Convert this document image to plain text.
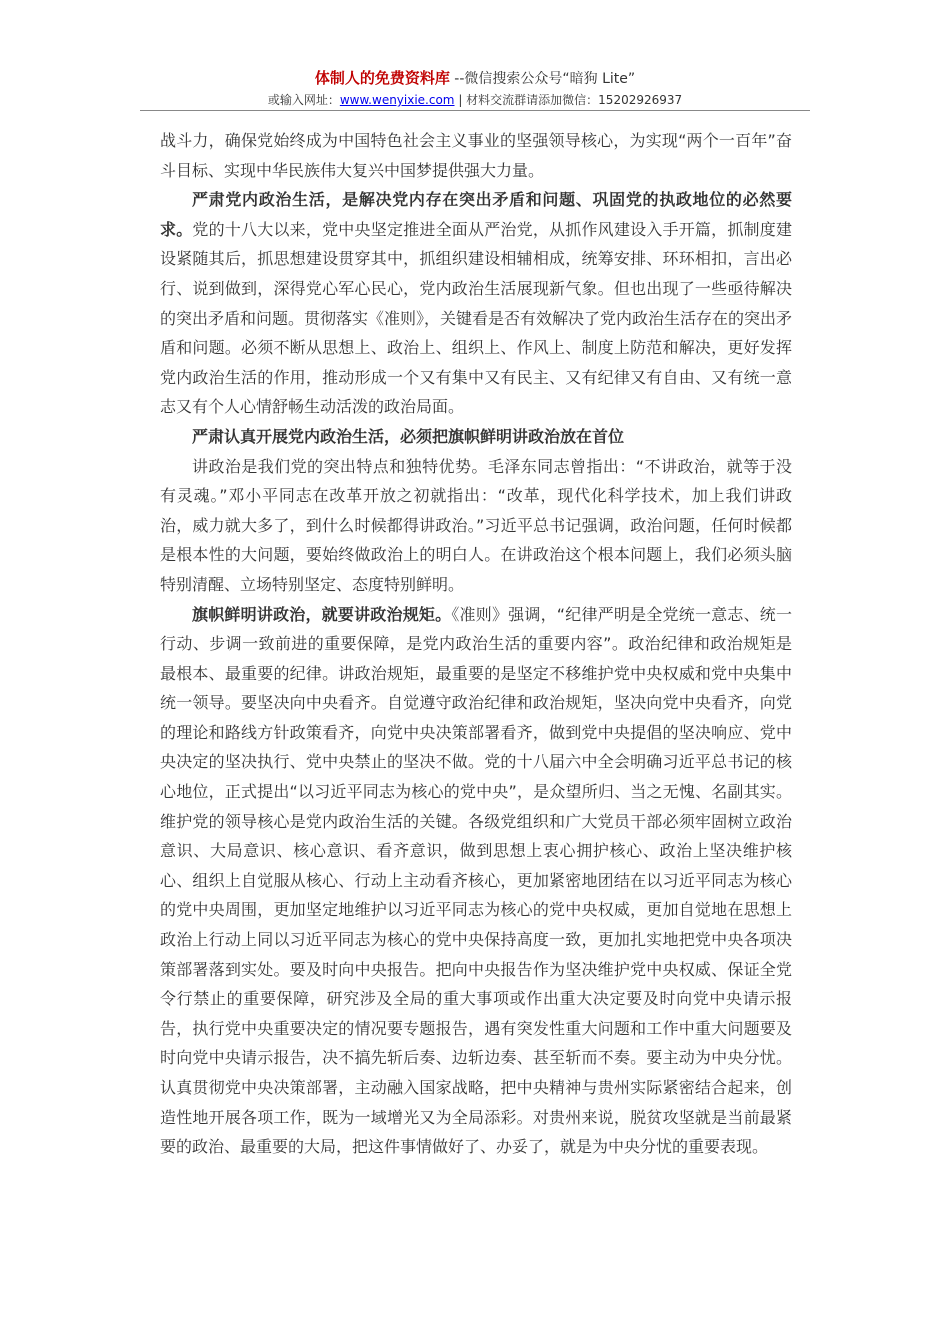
体制人的免费资料库 --微信搜索公众号“暗狗 Lite”
或输入网址：www.wenyixie.com | 材料交流群请添加微信：15202926937

战斗力，确保党始终成为中国特色社会主义事业的坚强领导核心，为实现“两个一百年”奋斗目标、实现中华民族伟大复兴中国梦提供强大力量。

严肃党内政治生活，是解决党内存在突出矛盾和问题、巩固党的执政地位的必然要求。党的十八大以来，党中央坚定推进全面从严治党，从抓作风建设入手开篇，抓制度建设紧随其后，抓思想建设贯穿其中，抓组织建设相辅相成，统筹安排、环环相扣，言出必行、说到做到，深得党心军心民心，党内政治生活展现新气象。但也出现了一些亟待解决的突出矛盾和问题。贯彻落实《准则》，关键看是否有效解决了党内政治生活存在的突出矛盾和问题。必须不断从思想上、政治上、组织上、作风上、制度上防范和解决，更好发挥党内政治生活的作用，推动形成一个又有集中又有民主、又有纪律又有自由、又有统一意志又有个人心情舒畅生动活泼的政治局面。

严肃认真开展党内政治生活，必须把旗帜鲜明讲政治放在首位

讲政治是我们党的突出特点和独特优势。毛泽东同志曾指出：“不讲政治，就等于没有灵魂。”邓小平同志在改革开放之初就指出：“改革，现代化科学技术，加上我们讲政治，威力就大多了，到什么时候都得讲政治。”习近平总书记强调，政治问题，任何时候都是根本性的大问题，要始终做政治上的明白人。在讲政治这个根本问题上，我们必须头脑特别清醒、立场特别坚定、态度特别鲜明。

旗帜鲜明讲政治，就要讲政治规矩。《准则》强调，“纪律严明是全党统一意志、统一行动、步调一致前进的重要保障，是党内政治生活的重要内容”。政治纪律和政治规矩是最根本、最重要的纪律。讲政治规矩，最重要的是坚定不移维护党中央权威和党中央集中统一领导。要坚决向中央看齐。自觉遵守政治纪律和政治规矩，坚决向党中央看齐，向党的理论和路线方针政策看齐，向党中央决策部署看齐，做到党中央提倡的坚决响应、党中央决定的坚决执行、党中央禁止的坚决不做。党的十八届六中全会明确习近平总书记的核心地位，正式提出“以习近平同志为核心的党中央”，是众望所归、当之无愧、名副其实。维护党的领导核心是党内政治生活的关键。各级党组织和广大党员干部必须牢固树立政治意识、大局意识、核心意识、看齐意识，做到思想上衷心拥护核心、政治上坚决维护核心、组织上自觉服从核心、行动上主动看齐核心，更加紧密地团结在以习近平同志为核心的党中央周围，更加坚定地维护以习近平同志为核心的党中央权威，更加自觉地在思想上政治上行动上同以习近平同志为核心的党中央保持高度一致，更加扎实地把党中央各项决策部署落到实处。要及时向中央报告。把向中央报告作为坚决维护党中央权威、保证全党令行禁止的重要保障，研究涉及全局的重大事项或作出重大决定要及时向党中央请示报告，执行党中央重要决定的情况要专题报告，遇有突发性重大问题和工作中重大问题要及时向党中央请示报告，决不搞先斩后奏、边斩边奏、甚至斩而不奏。要主动为中央分忧。认真贯彻党中央决策部署，主动融入国家战略，把中央精神与贵州实际紧密结合起来，创造性地开展各项工作，既为一域增光又为全局添彩。对贵州来说，脱贫攻坚就是当前最紧要的政治、最重要的大局，把这件事情做好了、办妥了，就是为中央分忧的重要表现。
